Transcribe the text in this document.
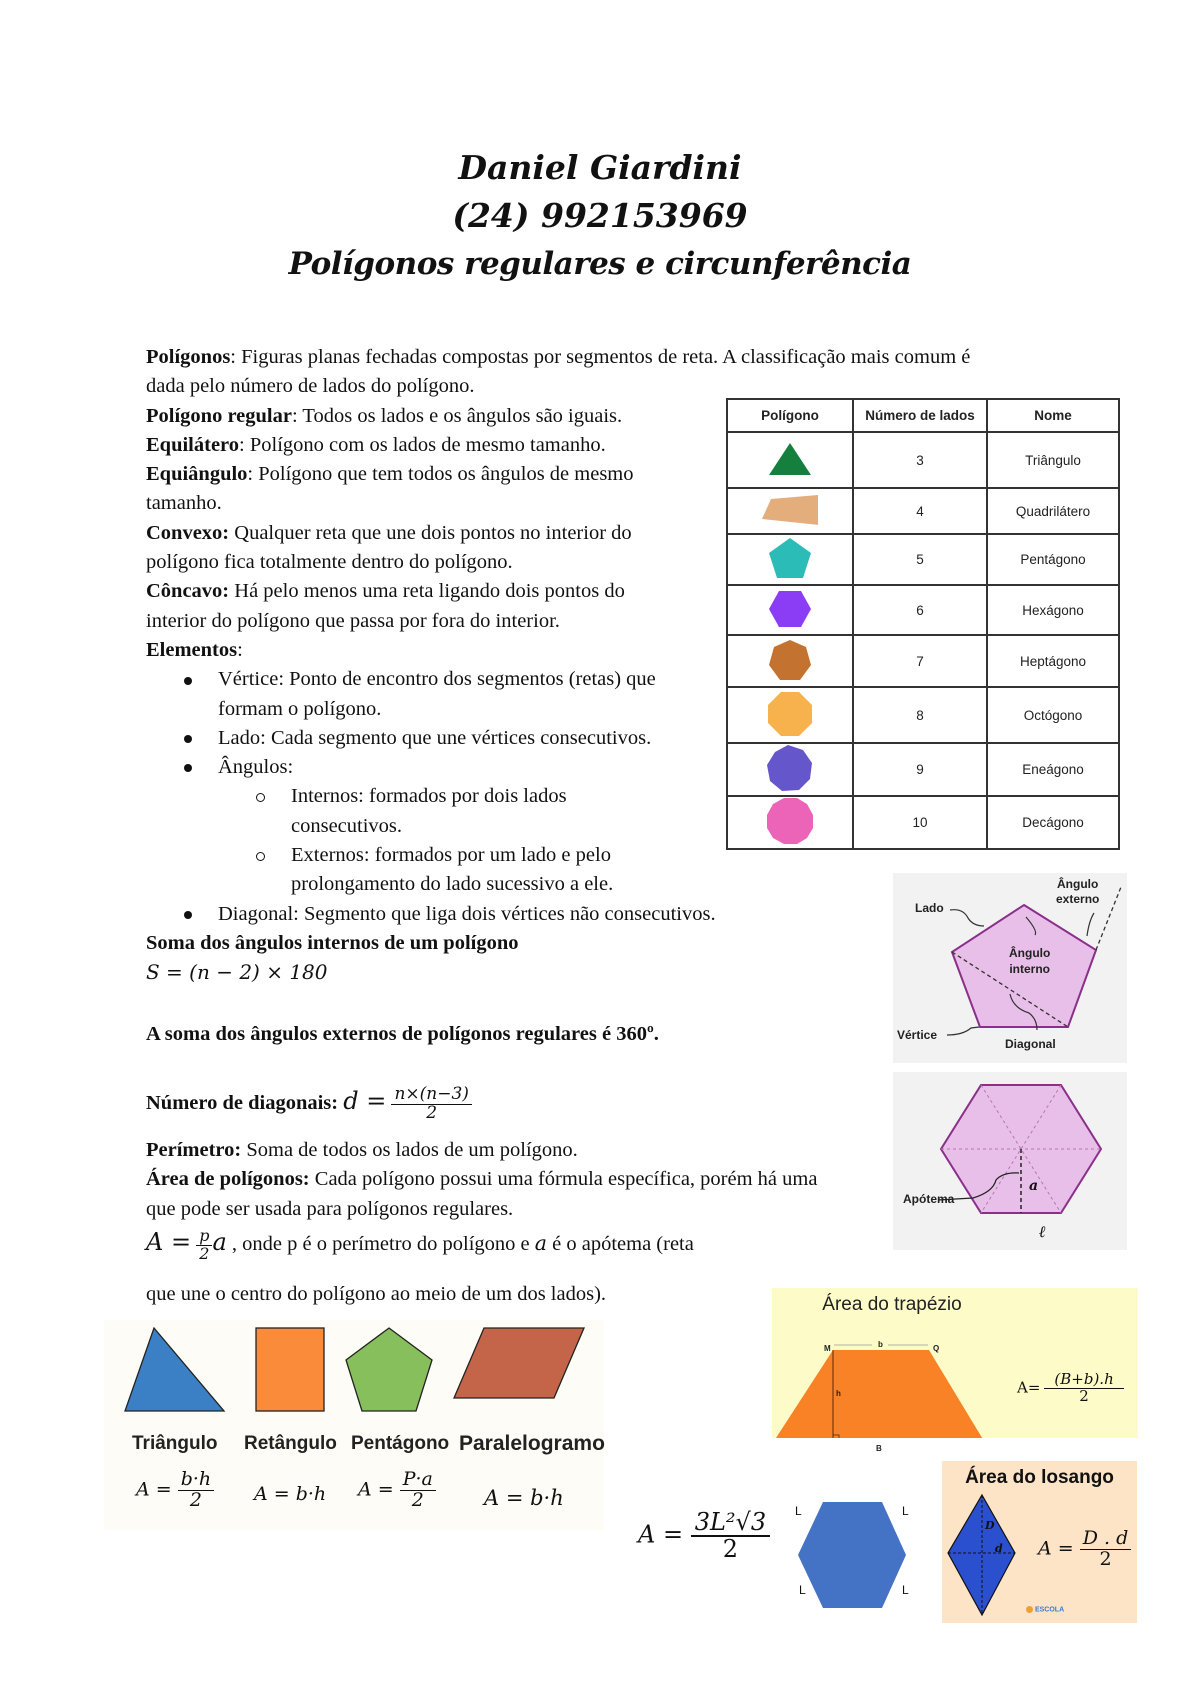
Daniel Giardini
(24) 992153969
Polígonos regulares e circunferência
Polígonos: Figuras planas fechadas compostas por segmentos de reta. A classificação mais comum é
dada pelo número de lados do polígono.
Polígono regular: Todos os lados e os ângulos são iguais.
Equilátero: Polígono com os lados de mesmo tamanho.
Equiângulo: Polígono que tem todos os ângulos de mesmo
tamanho.
Convexo: Qualquer reta que une dois pontos no interior do
polígono fica totalmente dentro do polígono.
Côncavo: Há pelo menos uma reta ligando dois pontos do
interior do polígono que passa por fora do interior.
Elementos:
Vértice: Ponto de encontro dos segmentos (retas) que
formam o polígono.
Lado: Cada segmento que une vértices consecutivos.
Ângulos:
Internos: formados por dois lados
consecutivos.
Externos: formados por um lado e pelo
prolongamento do lado sucessivo a ele.
Diagonal: Segmento que liga dois vértices não consecutivos.
Soma dos ângulos internos de um polígono
S = (n − 2) × 180
A soma dos ângulos externos de polígonos regulares é 360º.
Número de diagonais: $d = \frac{n\times(n-3)}{2}$
Perímetro: Soma de todos os lados de um polígono.
Área de polígonos: Cada polígono possui uma fórmula específica, porém há uma
que pode ser usada para polígonos regulares.
$A = \frac{p}{2}$ a , onde p é o perímetro do polígono e a é o apótema (reta
que une o centro do polígono ao meio de um dos lados).
Polígono	Número de lados	Nome
	3	Triângulo
	4	Quadrilátero
	5	Pentágono
	6	Hexágono
	7	Heptágono
	8	Octógono
	9	Eneágono
	10	Decágono
Lado
Ângulo
externo
Ângulo
interno
Vértice
Diagonal
Apótema
a
ℓ
Triângulo Retângulo Pentágono Paralelogramo
$A = \frac{b\cdot h}{2}$ A = b·h $A = \frac{P\cdot a}{2}$ A = b·h
Área do trapézio
M	b	Q
h
B
$A= \frac{(B+b).h}{2}$
$A = \frac{\text{3L²√3}}{2}$ L	L
L	L
Área do losango
D
d $A = \frac{D . d}{2}$
ESCOLA
